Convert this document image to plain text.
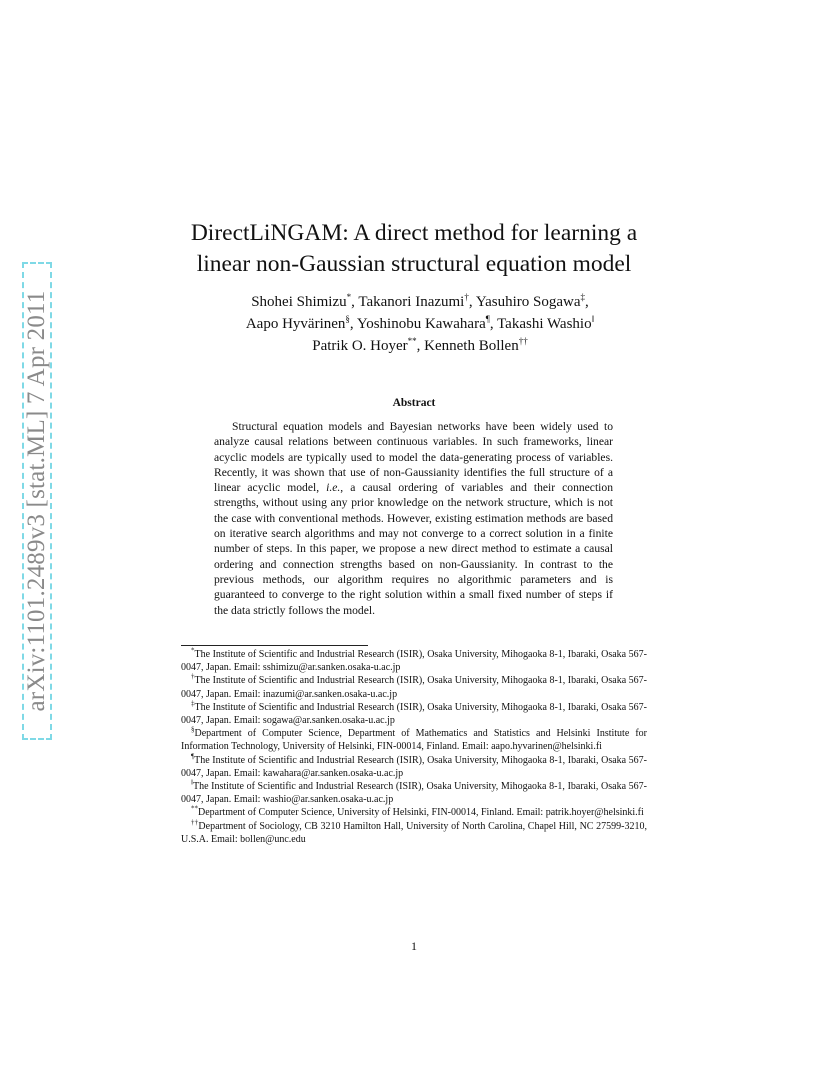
arXiv:1101.2489v3 [stat.ML] 7 Apr 2011
DirectLiNGAM: A direct method for learning a
linear non-Gaussian structural equation model
Shohei Shimizu*, Takanori Inazumi†, Yasuhiro Sogawa‡,
Aapo Hyvärinen§, Yoshinobu Kawahara¶, Takashi Washio‖
Patrik O. Hoyer**, Kenneth Bollen††
Abstract
Structural equation models and Bayesian networks have been widely used to analyze causal relations between continuous variables. In such frameworks, linear acyclic models are typically used to model the data-generating process of variables. Recently, it was shown that use of non-Gaussianity identifies the full structure of a linear acyclic model, i.e., a causal ordering of variables and their connection strengths, without using any prior knowledge on the network structure, which is not the case with conventional methods. However, existing estimation methods are based on iterative search algorithms and may not converge to a correct solution in a finite number of steps. In this paper, we propose a new direct method to estimate a causal ordering and connection strengths based on non-Gaussianity. In contrast to the previous methods, our algorithm requires no algorithmic parameters and is guaranteed to converge to the right solution within a small fixed number of steps if the data strictly follows the model.

*The Institute of Scientific and Industrial Research (ISIR), Osaka University, Mihogaoka 8-1, Ibaraki, Osaka 567-0047, Japan. Email: sshimizu@ar.sanken.osaka-u.ac.jp

†The Institute of Scientific and Industrial Research (ISIR), Osaka University, Mihogaoka 8-1, Ibaraki, Osaka 567-0047, Japan. Email: inazumi@ar.sanken.osaka-u.ac.jp

‡The Institute of Scientific and Industrial Research (ISIR), Osaka University, Mihogaoka 8-1, Ibaraki, Osaka 567-0047, Japan. Email: sogawa@ar.sanken.osaka-u.ac.jp

§Department of Computer Science, Department of Mathematics and Statistics and Helsinki Institute for Information Technology, University of Helsinki, FIN-00014, Finland. Email: aapo.hyvarinen@helsinki.fi

¶The Institute of Scientific and Industrial Research (ISIR), Osaka University, Mihogaoka 8-1, Ibaraki, Osaka 567-0047, Japan. Email: kawahara@ar.sanken.osaka-u.ac.jp

‖The Institute of Scientific and Industrial Research (ISIR), Osaka University, Mihogaoka 8-1, Ibaraki, Osaka 567-0047, Japan. Email: washio@ar.sanken.osaka-u.ac.jp

**Department of Computer Science, University of Helsinki, FIN-00014, Finland. Email: patrik.hoyer@helsinki.fi

††Department of Sociology, CB 3210 Hamilton Hall, University of North Carolina, Chapel Hill, NC 27599-3210, U.S.A. Email: bollen@unc.edu

1
